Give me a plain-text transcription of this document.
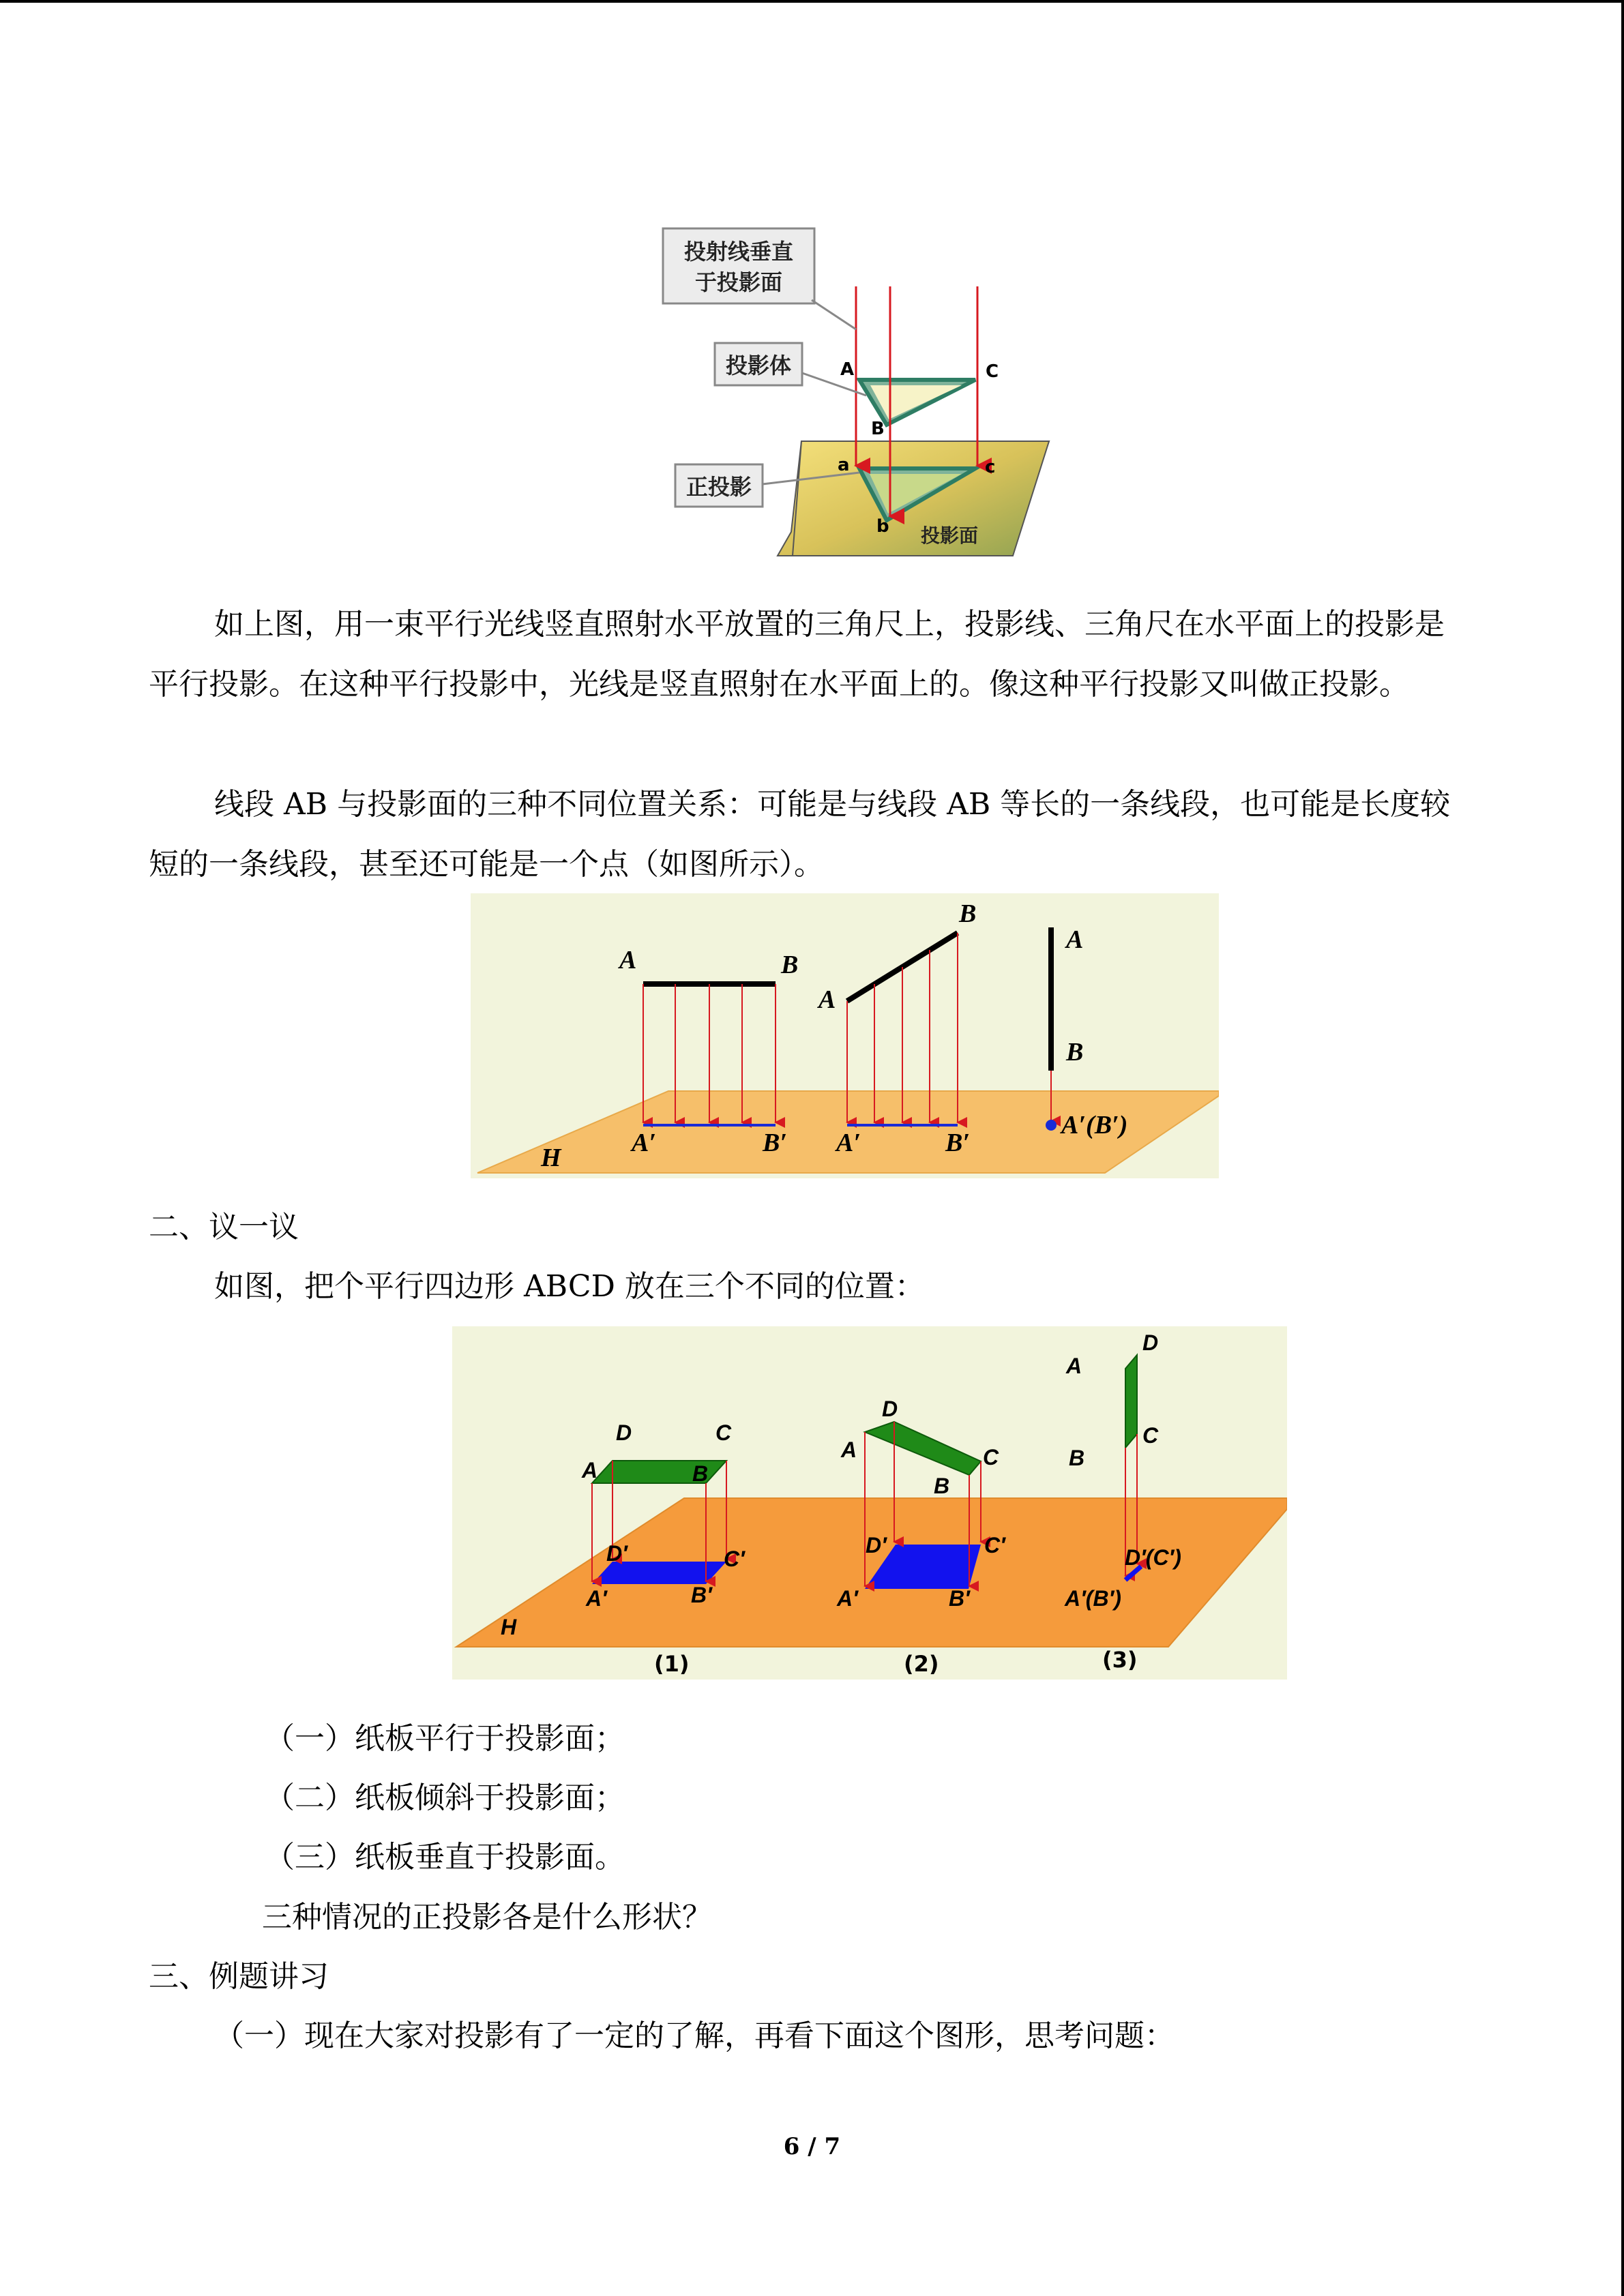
投射线垂直
于投影面
投影体
正投影
A
B
C
a
b
c
投影面

如上图，用一束平行光线竖直照射水平放置的三角尺上，投影线、三角尺在水平面上的投影是平行投影。在这种平行投影中，光线是竖直照射在水平面上的。像这种平行投影又叫做正投影。

线段 AB 与投影面的三种不同位置关系：可能是与线段 AB 等长的一条线段，也可能是长度较短的一条线段，甚至还可能是一个点（如图所示）。

A	B
A′	B′
A
B
A′	B′
A
B
A′(B′)
H
二、议一议
如图，把个平行四边形 ABCD 放在三个不同的位置：
D	C
A	B
D′	C′
A′	B′
D
A	C
B
D′	C′
A′	B′
D
A
C
B
D′(C′)
A′(B′)
H
(1)	(2)	(3)
（一）纸板平行于投影面；
（二）纸板倾斜于投影面；
（三）纸板垂直于投影面。
三种情况的正投影各是什么形状？
三、例题讲习
（一）现在大家对投影有了一定的了解，再看下面这个图形，思考问题：
6 / 7
